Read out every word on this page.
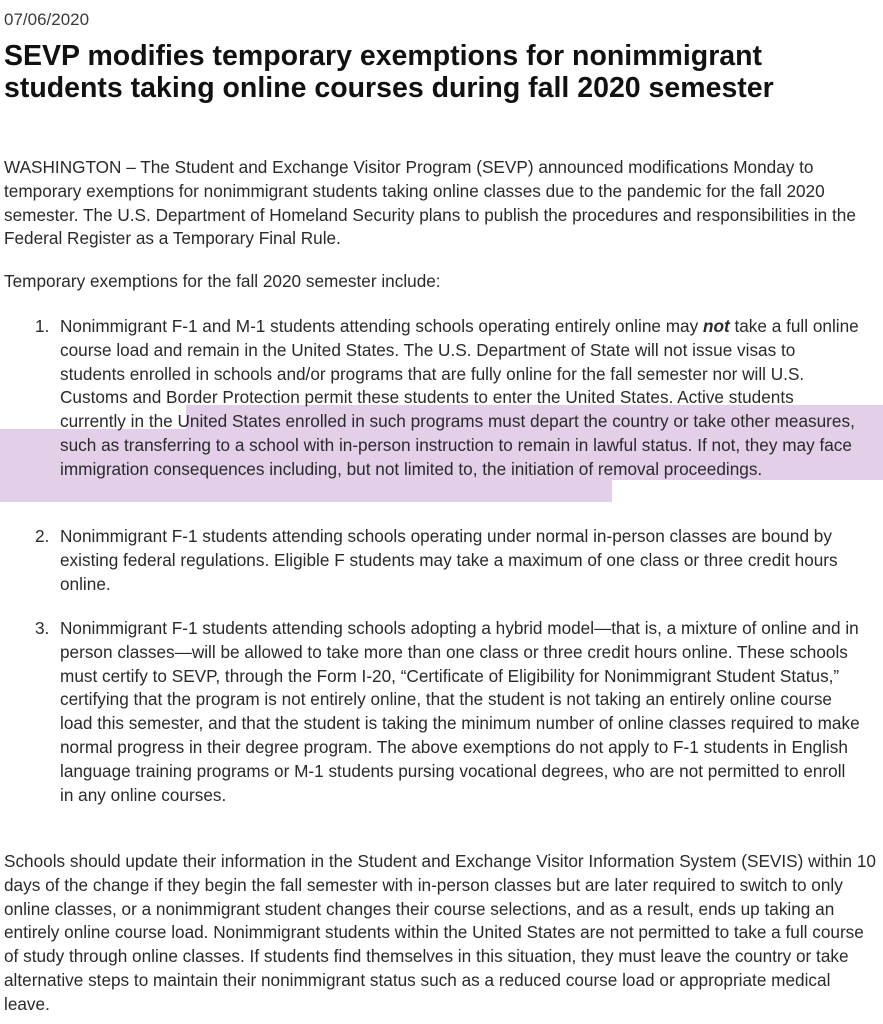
07/06/2020
SEVP modifies temporary exemptions for nonimmigrant students taking online courses during fall 2020 semester

WASHINGTON – The Student and Exchange Visitor Program (SEVP) announced modifications Monday to temporary exemptions for nonimmigrant students taking online classes due to the pandemic for the fall 2020 semester. The U.S. Department of Homeland Security plans to publish the procedures and responsibilities in the Federal Register as a Temporary Final Rule.

Temporary exemptions for the fall 2020 semester include:

1. Nonimmigrant F-1 and M-1 students attending schools operating entirely online may not take a full online course load and remain in the United States. The U.S. Department of State will not issue visas to students enrolled in schools and/or programs that are fully online for the fall semester nor will U.S. Customs and Border Protection permit these students to enter the United States. Active students currently in the United States enrolled in such programs must depart the country or take other measures, such as transferring to a school with in-person instruction to remain in lawful status. If not, they may face immigration consequences including, but not limited to, the initiation of removal proceedings.
2. Nonimmigrant F-1 students attending schools operating under normal in-person classes are bound by existing federal regulations. Eligible F students may take a maximum of one class or three credit hours online.
3. Nonimmigrant F-1 students attending schools adopting a hybrid model—that is, a mixture of online and in person classes—will be allowed to take more than one class or three credit hours online. These schools must certify to SEVP, through the Form I-20, “Certificate of Eligibility for Nonimmigrant Student Status,” certifying that the program is not entirely online, that the student is not taking an entirely online course load this semester, and that the student is taking the minimum number of online classes required to make normal progress in their degree program. The above exemptions do not apply to F-1 students in English language training programs or M-1 students pursing vocational degrees, who are not permitted to enroll in any online courses.

Schools should update their information in the Student and Exchange Visitor Information System (SEVIS) within 10 days of the change if they begin the fall semester with in-person classes but are later required to switch to only online classes, or a nonimmigrant student changes their course selections, and as a result, ends up taking an entirely online course load. Nonimmigrant students within the United States are not permitted to take a full course of study through online classes. If students find themselves in this situation, they must leave the country or take alternative steps to maintain their nonimmigrant status such as a reduced course load or appropriate medical leave.
